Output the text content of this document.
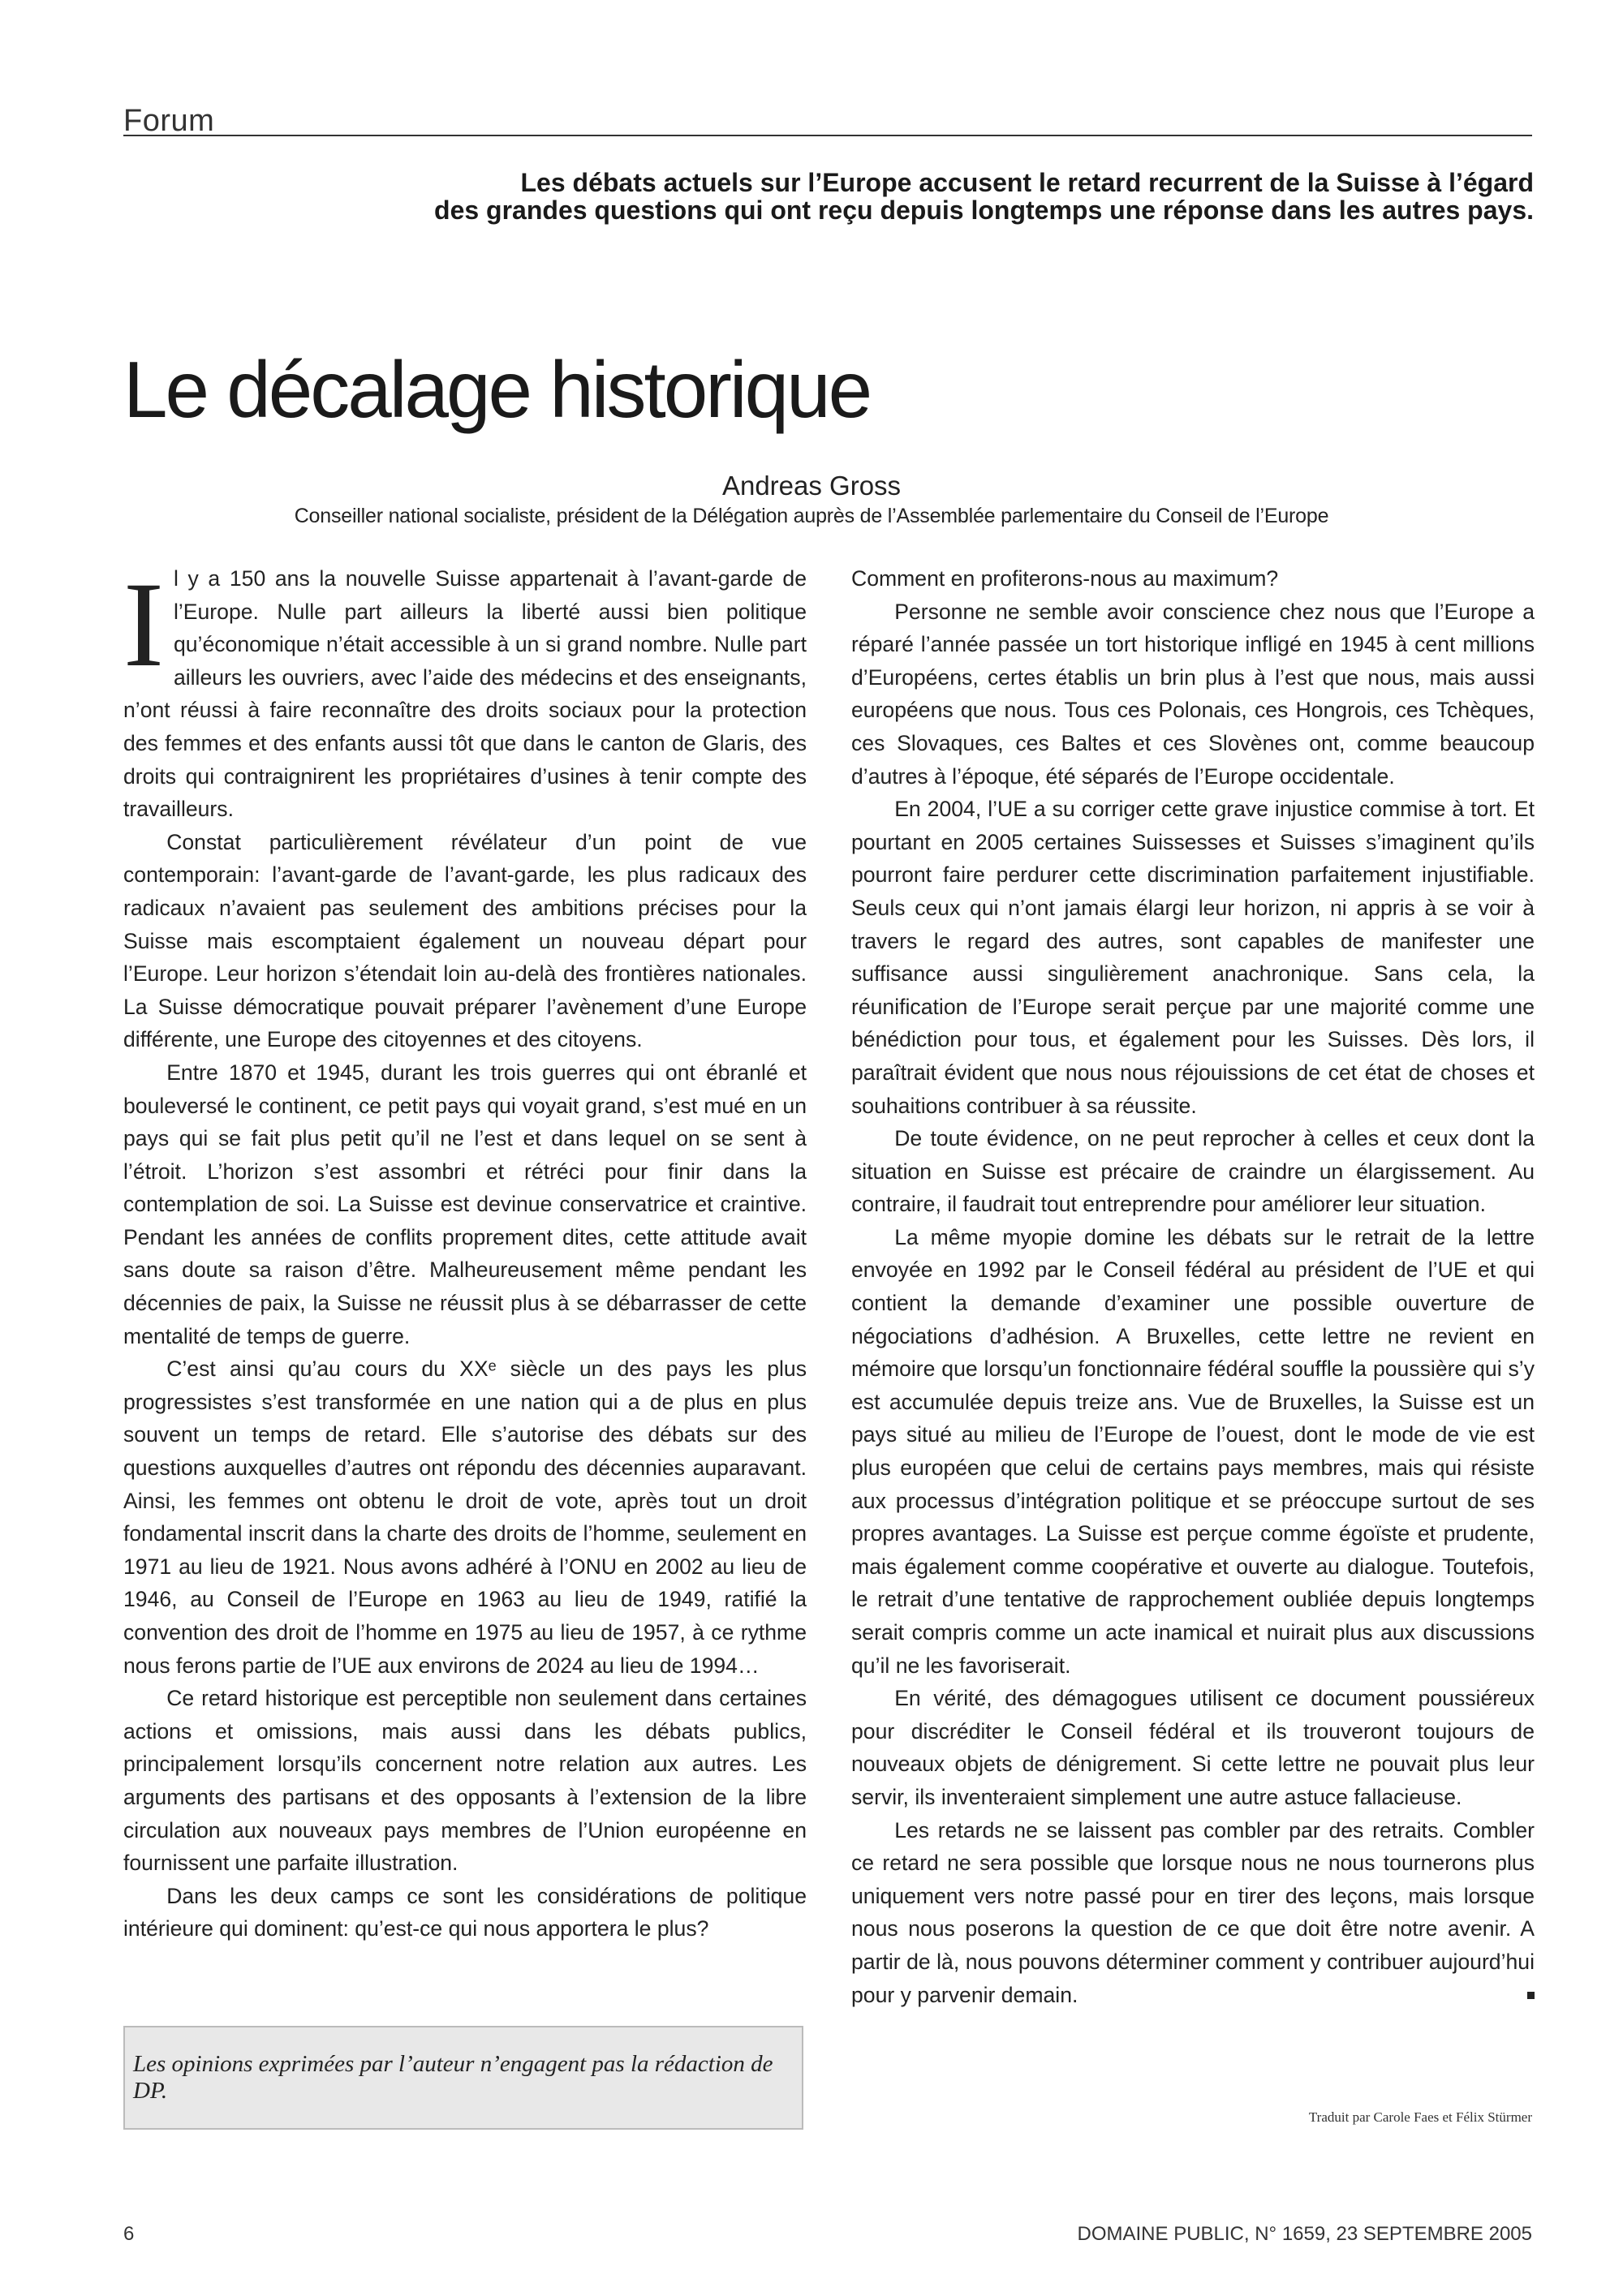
Forum
Les débats actuels sur l’Europe accusent le retard recurrent de la Suisse à l’égard
des grandes questions qui ont reçu depuis longtemps une réponse dans les autres pays.
Le décalage historique
Andreas Gross
Conseiller national socialiste, président de la Délégation auprès de l’Assemblée parlementaire du Conseil de l’Europe

Il y a 150 ans la nouvelle Suisse appartenait à l’avant-garde de l’Europe. Nulle part ailleurs la liberté aussi bien politique qu’économique n’était accessible à un si grand nombre. Nulle part ailleurs les ouvriers, avec l’aide des médecins et des enseignants, n’ont réussi à faire reconnaître des droits sociaux pour la protection des femmes et des enfants aussi tôt que dans le canton de Glaris, des droits qui contraignirent les propriétaires d’usines à tenir compte des travailleurs.

Constat particulièrement révélateur d’un point de vue contemporain: l’avant-garde de l’avant-garde, les plus radicaux des radicaux n’avaient pas seulement des ambitions précises pour la Suisse mais escomptaient également un nouveau départ pour l’Europe. Leur horizon s’étendait loin au-delà des frontières nationales. La Suisse démocratique pouvait préparer l’avènement d’une Europe différente, une Europe des citoyennes et des citoyens.

Entre 1870 et 1945, durant les trois guerres qui ont ébranlé et bouleversé le continent, ce petit pays qui voyait grand, s’est mué en un pays qui se fait plus petit qu’il ne l’est et dans lequel on se sent à l’étroit. L’horizon s’est assombri et rétréci pour finir dans la contemplation de soi. La Suisse est devinue conservatrice et craintive. Pendant les années de conflits proprement dites, cette attitude avait sans doute sa raison d’être. Malheureusement même pendant les décennies de paix, la Suisse ne réussit plus à se débarrasser de cette mentalité de temps de guerre.

C’est ainsi qu’au cours du XXᵉ siècle un des pays les plus progressistes s’est transformée en une nation qui a de plus en plus souvent un temps de retard. Elle s’autorise des débats sur des questions auxquelles d’autres ont répondu des décennies auparavant. Ainsi, les femmes ont obtenu le droit de vote, après tout un droit fondamental inscrit dans la charte des droits de l’homme, seulement en 1971 au lieu de 1921. Nous avons adhéré à l’ONU en 2002 au lieu de 1946, au Conseil de l’Europe en 1963 au lieu de 1949, ratifié la convention des droit de l’homme en 1975 au lieu de 1957, à ce rythme nous ferons partie de l’UE aux environs de 2024 au lieu de 1994…

Ce retard historique est perceptible non seulement dans certaines actions et omissions, mais aussi dans les débats publics, principalement lorsqu’ils concernent notre relation aux autres. Les arguments des partisans et des opposants à l’extension de la libre circulation aux nouveaux pays membres de l’Union européenne en fournissent une parfaite illustration.

Dans les deux camps ce sont les considérations de politique intérieure qui dominent: qu’est-ce qui nous apportera le plus?

Comment en profiterons-nous au maximum?

Personne ne semble avoir conscience chez nous que l’Europe a réparé l’année passée un tort historique infligé en 1945 à cent millions d’Européens, certes établis un brin plus à l’est que nous, mais aussi européens que nous. Tous ces Polonais, ces Hongrois, ces Tchèques, ces Slovaques, ces Baltes et ces Slovènes ont, comme beaucoup d’autres à l’époque, été séparés de l’Europe occidentale.

En 2004, l’UE a su corriger cette grave injustice commise à tort. Et pourtant en 2005 certaines Suissesses et Suisses s’imaginent qu’ils pourront faire perdurer cette discrimination parfaitement injustifiable. Seuls ceux qui n’ont jamais élargi leur horizon, ni appris à se voir à travers le regard des autres, sont capables de manifester une suffisance aussi singulièrement anachronique. Sans cela, la réunification de l’Europe serait perçue par une majorité comme une bénédiction pour tous, et également pour les Suisses. Dès lors, il paraîtrait évident que nous nous réjouissions de cet état de choses et souhaitions contribuer à sa réussite.

De toute évidence, on ne peut reprocher à celles et ceux dont la situation en Suisse est précaire de craindre un élargissement. Au contraire, il faudrait tout entreprendre pour améliorer leur situation.

La même myopie domine les débats sur le retrait de la lettre envoyée en 1992 par le Conseil fédéral au président de l’UE et qui contient la demande d’examiner une possible ouverture de négociations d’adhésion. A Bruxelles, cette lettre ne revient en mémoire que lorsqu’un fonctionnaire fédéral souffle la poussière qui s’y est accumulée depuis treize ans. Vue de Bruxelles, la Suisse est un pays situé au milieu de l’Europe de l’ouest, dont le mode de vie est plus européen que celui de certains pays membres, mais qui résiste aux processus d’intégration politique et se préoccupe surtout de ses propres avantages. La Suisse est perçue comme égoïste et prudente, mais également comme coopérative et ouverte au dialogue. Toutefois, le retrait d’une tentative de rapprochement oubliée depuis longtemps serait compris comme un acte inamical et nuirait plus aux discussions qu’il ne les favoriserait.

En vérité, des démagogues utilisent ce document poussiéreux pour discréditer le Conseil fédéral et ils trouveront toujours de nouveaux objets de dénigrement. Si cette lettre ne pouvait plus leur servir, ils inventeraient simplement une autre astuce fallacieuse.

Les retards ne se laissent pas combler par des retraits. Combler ce retard ne sera possible que lorsque nous ne nous tournerons plus uniquement vers notre passé pour en tirer des leçons, mais lorsque nous nous poserons la question de ce que doit être notre avenir. A partir de là, nous pouvons déterminer comment y contribuer aujourd’hui pour y parvenir demain.

Les opinions exprimées par l’auteur n’engagent pas la rédaction de DP.
Traduit par Carole Faes et Félix Stürmer
6	DOMAINE PUBLIC, N° 1659, 23 SEPTEMBRE 2005
